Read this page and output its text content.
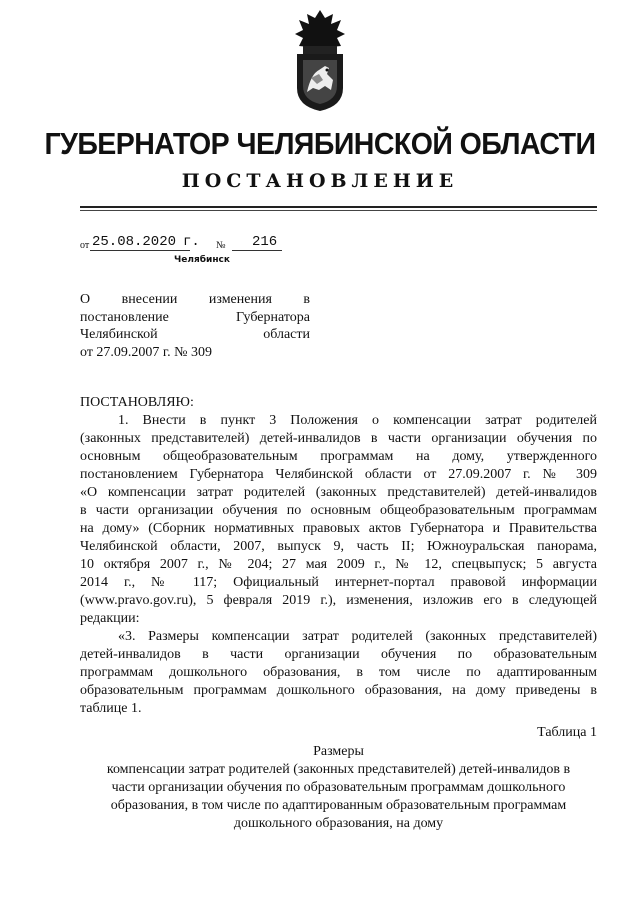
ГУБЕРНАТОР ЧЕЛЯБИНСКОЙ ОБЛАСТИ
ПОСТАНОВЛЕНИЕ
от 25.08.2020 г. № 216
Челябинск
О внесении изменения в
постановление	Губернатора
Челябинской	области
от 27.09.2007 г. № 309
ПОСТАНОВЛЯЮ:
1. Внести в пункт 3 Положения о компенсации затрат родителей
(законных представителей) детей-инвалидов в части организации обучения по
основным общеобразовательным программам на дому, утвержденного
постановлением Губернатора Челябинской области от 27.09.2007 г. № 309
«О компенсации затрат родителей (законных представителей) детей-инвалидов
в части организации обучения по основным общеобразовательным программам
на дому» (Сборник нормативных правовых актов Губернатора и Правительства
Челябинской области, 2007, выпуск 9, часть II; Южноуральская панорама,
10 октября 2007 г., № 204; 27 мая 2009 г., № 12, спецвыпуск; 5 августа
2014 г., № 117; Официальный интернет-портал правовой информации
(www.pravo.gov.ru), 5 февраля 2019 г.), изменения, изложив его в следующей
редакции:
«3. Размеры компенсации затрат родителей (законных представителей)
детей-инвалидов в части организации обучения по образовательным
программам дошкольного образования, в том числе по адаптированным
образовательным программам дошкольного образования, на дому приведены в
таблице 1.
Таблица 1
Размеры
компенсации затрат родителей (законных представителей) детей-инвалидов в
части организации обучения по образовательным программам дошкольного
образования, в том числе по адаптированным образовательным программам
дошкольного образования, на дому
